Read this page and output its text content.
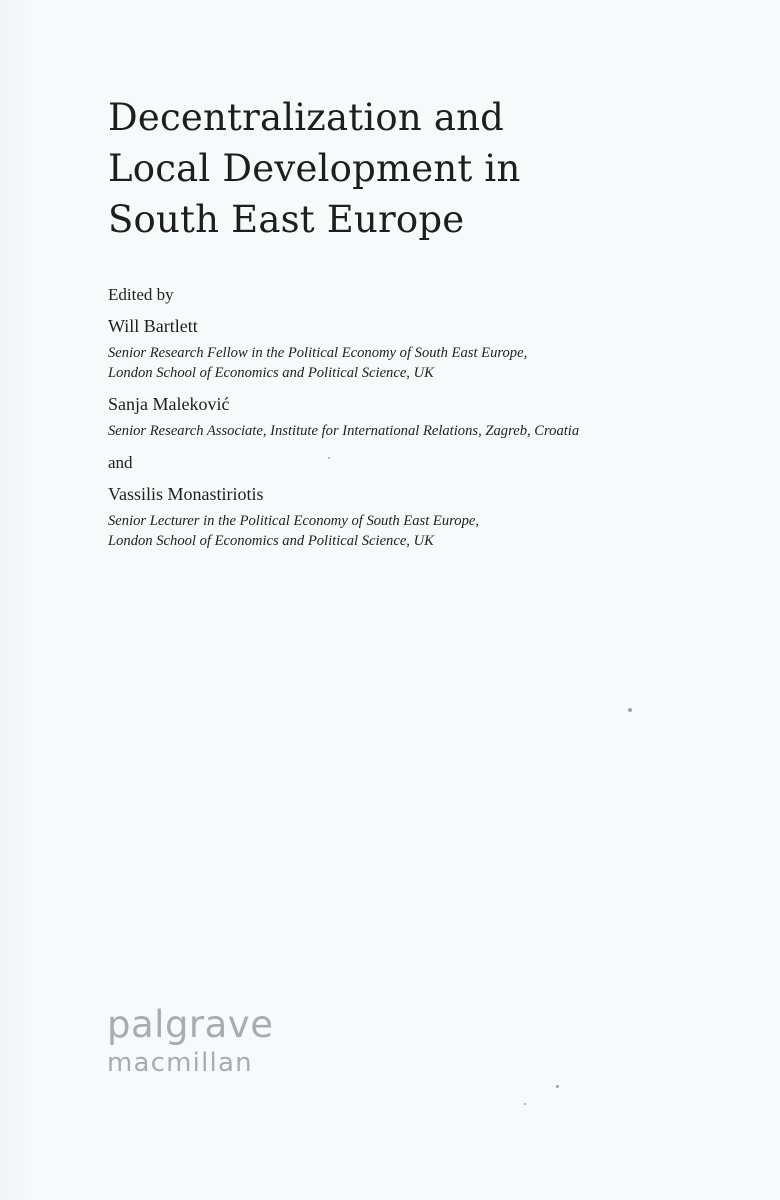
Decentralization and
Local Development in
South East Europe
Edited by
Will Bartlett
Senior Research Fellow in the Political Economy of South East Europe,
London School of Economics and Political Science, UK
Sanja Maleković
Senior Research Associate, Institute for International Relations, Zagreb, Croatia
and
Vassilis Monastiriotis
Senior Lecturer in the Political Economy of South East Europe,
London School of Economics and Political Science, UK
palgrave
macmillan
